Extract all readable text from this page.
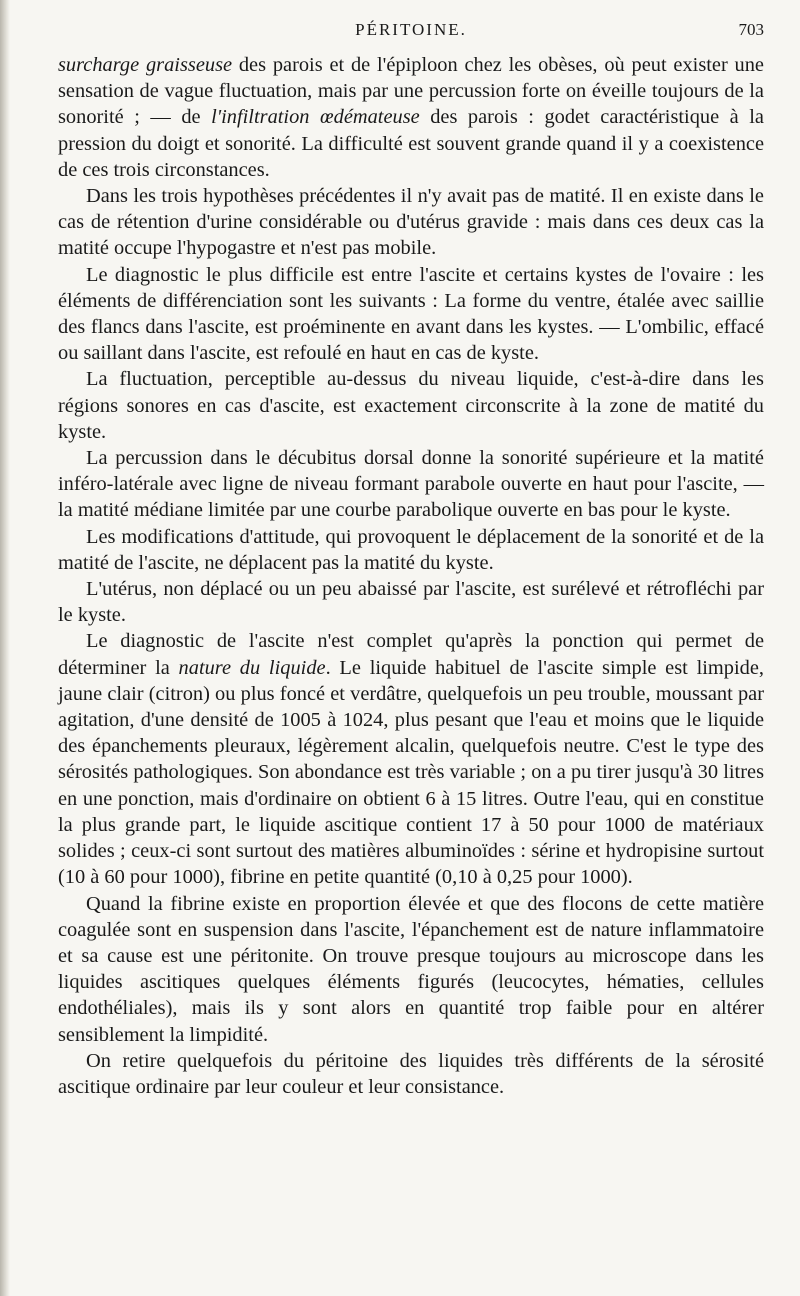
PÉRITOINE.	703

surcharge graisseuse des parois et de l'épiploon chez les obèses, où peut exister une sensation de vague fluctuation, mais par une percussion forte on éveille toujours de la sonorité ; — de l'infiltration œdémateuse des parois : godet caractéristique à la pression du doigt et sonorité. La difficulté est souvent grande quand il y a coexistence de ces trois circonstances.

Dans les trois hypothèses précédentes il n'y avait pas de matité. Il en existe dans le cas de rétention d'urine considérable ou d'utérus gravide : mais dans ces deux cas la matité occupe l'hypogastre et n'est pas mobile.

Le diagnostic le plus difficile est entre l'ascite et certains kystes de l'ovaire : les éléments de différenciation sont les suivants : La forme du ventre, étalée avec saillie des flancs dans l'ascite, est proéminente en avant dans les kystes. — L'ombilic, effacé ou saillant dans l'ascite, est refoulé en haut en cas de kyste.

La fluctuation, perceptible au-dessus du niveau liquide, c'est-à-dire dans les régions sonores en cas d'ascite, est exactement circonscrite à la zone de matité du kyste.

La percussion dans le décubitus dorsal donne la sonorité supérieure et la matité inféro-latérale avec ligne de niveau formant parabole ouverte en haut pour l'ascite, — la matité médiane limitée par une courbe parabolique ouverte en bas pour le kyste.

Les modifications d'attitude, qui provoquent le déplacement de la sonorité et de la matité de l'ascite, ne déplacent pas la matité du kyste.

L'utérus, non déplacé ou un peu abaissé par l'ascite, est surélevé et rétrofléchi par le kyste.

Le diagnostic de l'ascite n'est complet qu'après la ponction qui permet de déterminer la nature du liquide. Le liquide habituel de l'ascite simple est limpide, jaune clair (citron) ou plus foncé et verdâtre, quelquefois un peu trouble, moussant par agitation, d'une densité de 1005 à 1024, plus pesant que l'eau et moins que le liquide des épanchements pleuraux, légèrement alcalin, quelquefois neutre. C'est le type des sérosités pathologiques. Son abondance est très variable ; on a pu tirer jusqu'à 30 litres en une ponction, mais d'ordinaire on obtient 6 à 15 litres. Outre l'eau, qui en constitue la plus grande part, le liquide ascitique contient 17 à 50 pour 1000 de matériaux solides ; ceux-ci sont surtout des matières albuminoïdes : sérine et hydropisine surtout (10 à 60 pour 1000), fibrine en petite quantité (0,10 à 0,25 pour 1000).

Quand la fibrine existe en proportion élevée et que des flocons de cette matière coagulée sont en suspension dans l'ascite, l'épanchement est de nature inflammatoire et sa cause est une péritonite. On trouve presque toujours au microscope dans les liquides ascitiques quelques éléments figurés (leucocytes, hématies, cellules endothéliales), mais ils y sont alors en quantité trop faible pour en altérer sensiblement la limpidité.

On retire quelquefois du péritoine des liquides très différents de la sérosité ascitique ordinaire par leur couleur et leur consistance.
